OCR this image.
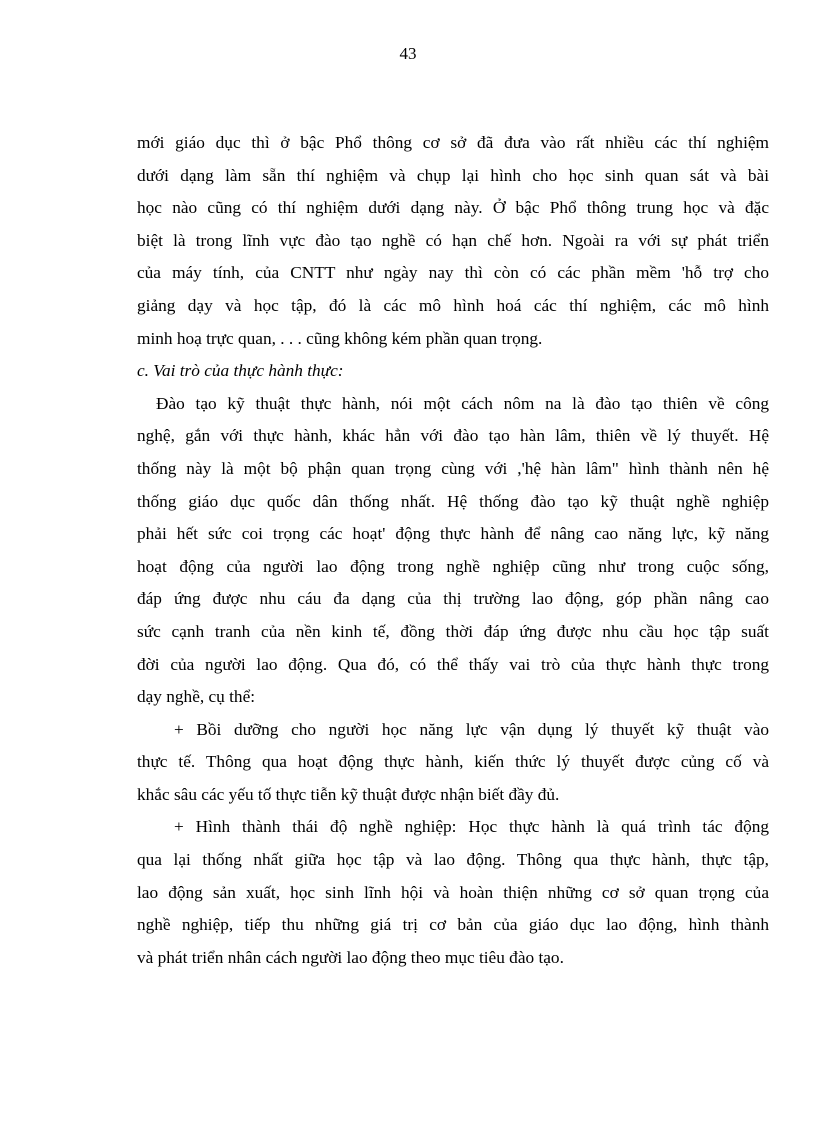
43
mới giáo dục thì ở bậc Phổ thông cơ sở đã đưa vào rất nhiều các thí nghiệm
dưới dạng làm sẵn thí nghiệm và chụp lại hình cho học sinh quan sát và bài
học nào cũng có thí nghiệm dưới dạng này. Ở bậc Phổ thông trung học và đặc
biệt là trong lĩnh vực đào tạo nghề có hạn chế hơn. Ngoài ra với sự phát triển
của máy tính, của CNTT như ngày nay thì còn có các phần mềm 'hỗ trợ cho
giảng dạy và học tập, đó là các mô hình hoá các thí nghiệm, các mô hình
minh hoạ trực quan, . . . cũng không kém phần quan trọng.
c. Vai trò của thực hành thực:
Đào tạo kỹ thuật thực hành, nói một cách nôm na là đào tạo thiên về công
nghệ, gắn với thực hành, khác hẳn với đào tạo hàn lâm, thiên về lý thuyết. Hệ
thống này là một bộ phận quan trọng cùng với ,'hệ hàn lâm" hình thành nên hệ
thống giáo dục quốc dân thống nhất. Hệ thống đào tạo kỹ thuật nghề nghiệp
phải hết sức coi trọng các hoạt' động thực hành để nâng cao năng lực, kỹ năng
hoạt động của người lao động trong nghề nghiệp cũng như trong cuộc sống,
đáp ứng được nhu cáu đa dạng của thị trường lao động, góp phần nâng cao
sức cạnh tranh của nền kinh tế, đồng thời đáp ứng được nhu cầu học tập suất
đời của người lao động. Qua đó, có thể thấy vai trò của thực hành thực trong
dạy nghề, cụ thể:
+ Bồi dưỡng cho người học năng lực vận dụng lý thuyết kỹ thuật vào
thực tế. Thông qua hoạt động thực hành, kiến thức lý thuyết được củng cố và
khắc sâu các yếu tố thực tiễn kỹ thuật được nhận biết đầy đủ.
+ Hình thành thái độ nghề nghiệp: Học thực hành là quá trình tác động
qua lại thống nhất giữa học tập và lao động. Thông qua thực hành, thực tập,
lao động sản xuất, học sinh lĩnh hội và hoàn thiện những cơ sở quan trọng của
nghề nghiệp, tiếp thu những giá trị cơ bản của giáo dục lao động, hình thành
và phát triển nhân cách người lao động theo mục tiêu đào tạo.
